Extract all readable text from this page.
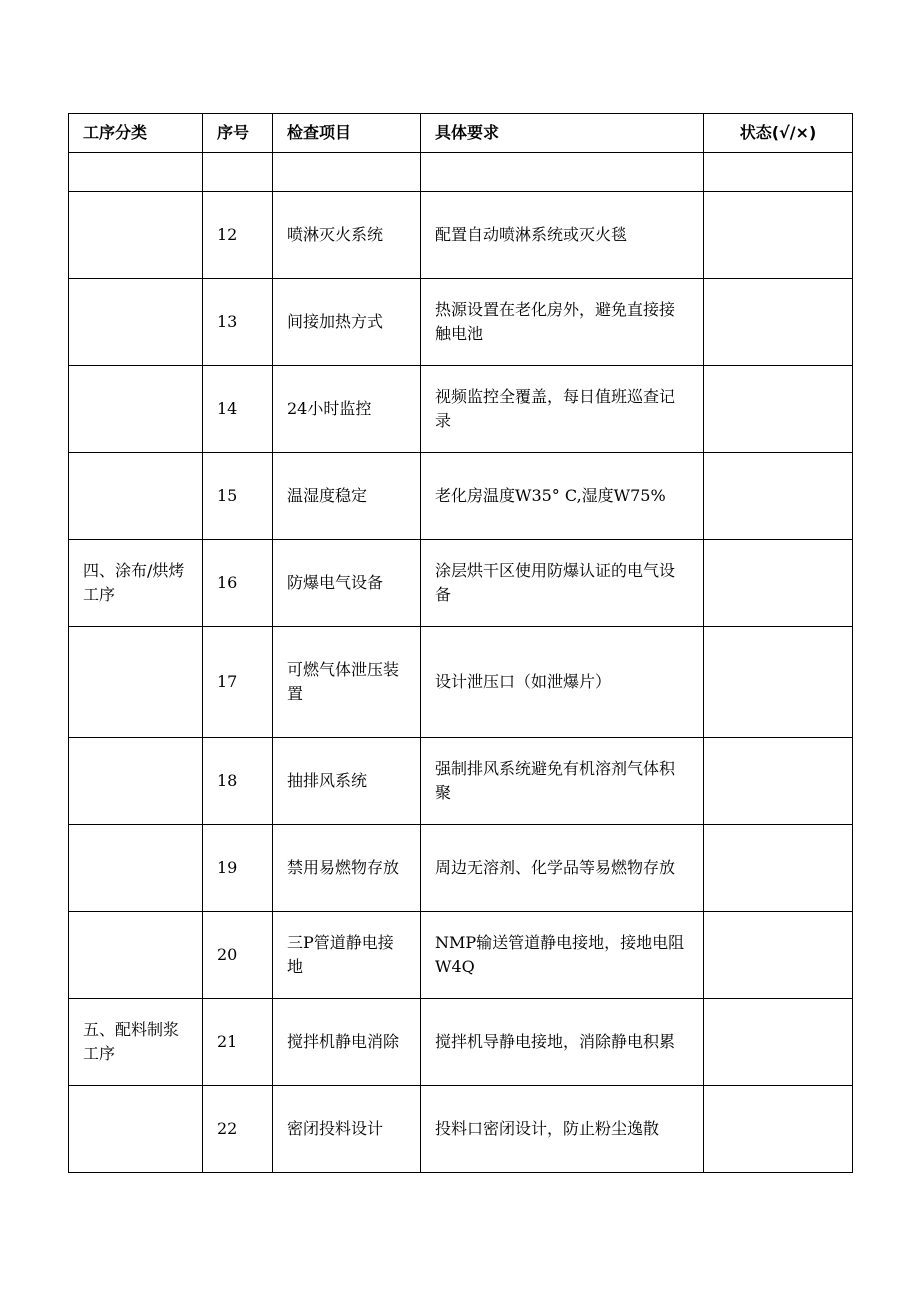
工序分类	序号	检查项目	具体要求	状态(√/×)

	12	喷淋灭火系统	配置自动喷淋系统或灭火毯	
	13	间接加热方式	热源设置在老化房外，避免直接接触电池	
	14	24小时监控	视频监控全覆盖，每日值班巡查记录	
	15	温湿度稳定	老化房温度W35° C,湿度W75%	
四、涂布/烘烤工序	16	防爆电气设备	涂层烘干区使用防爆认证的电气设备	
	17	可燃气体泄压装置	设计泄压口（如泄爆片）	
	18	抽排风系统	强制排风系统避免有机溶剂气体积聚	
	19	禁用易燃物存放	周边无溶剂、化学品等易燃物存放	
	20	三P管道静电接地	NMP输送管道静电接地，接地电阻W4Q	
五、配料制浆工序	21	搅拌机静电消除	搅拌机导静电接地，消除静电积累	
	22	密闭投料设计	投料口密闭设计，防止粉尘逸散	
